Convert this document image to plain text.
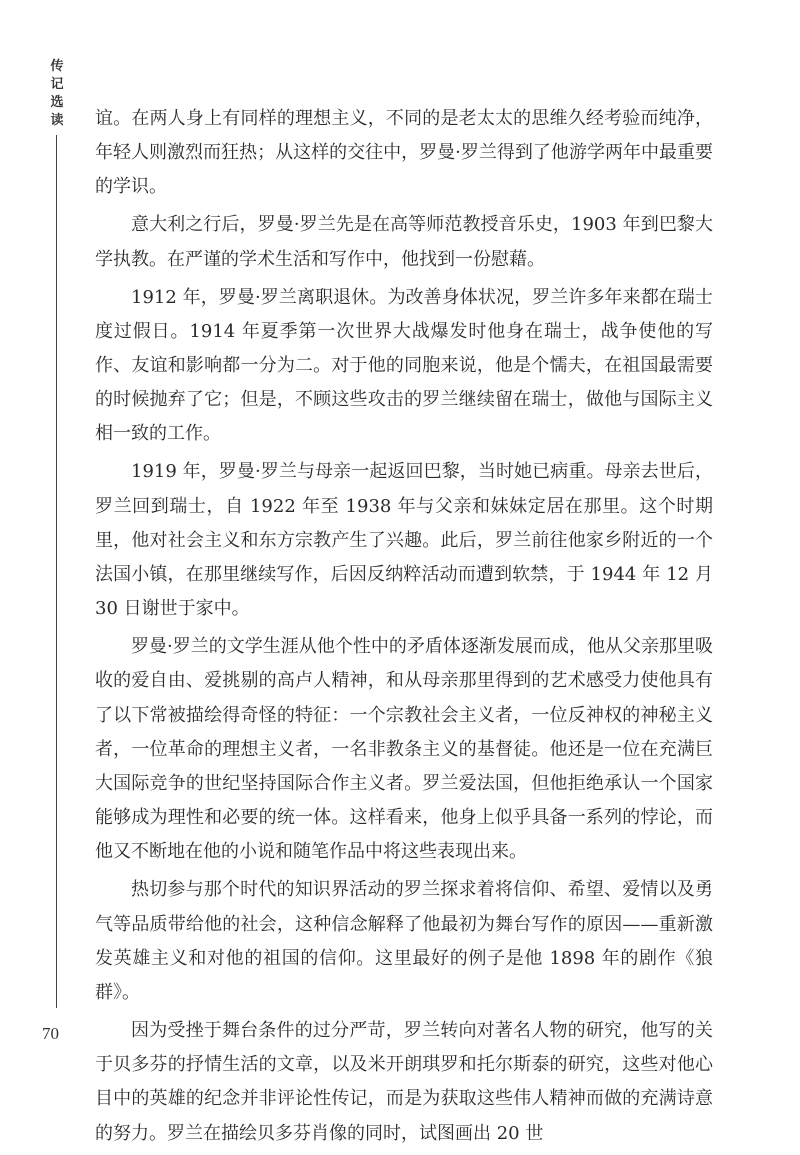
传
记
选
读 谊。在两人身上有同样的理想主义，不同的是老太太的思维久经考验而纯净，年轻人则激烈而狂热；从这样的交往中，罗曼·罗兰得到了他游学两年中最重要的学识。

意大利之行后，罗曼·罗兰先是在高等师范教授音乐史，1903 年到巴黎大学执教。在严谨的学术生活和写作中，他找到一份慰藉。

1912 年，罗曼·罗兰离职退休。为改善身体状况，罗兰许多年来都在瑞士度过假日。1914 年夏季第一次世界大战爆发时他身在瑞士，战争使他的写作、友谊和影响都一分为二。对于他的同胞来说，他是个懦夫，在祖国最需要的时候抛弃了它；但是，不顾这些攻击的罗兰继续留在瑞士，做他与国际主义相一致的工作。

1919 年，罗曼·罗兰与母亲一起返回巴黎，当时她已病重。母亲去世后，罗兰回到瑞士，自 1922 年至 1938 年与父亲和妹妹定居在那里。这个时期里，他对社会主义和东方宗教产生了兴趣。此后，罗兰前往他家乡附近的一个法国小镇，在那里继续写作，后因反纳粹活动而遭到软禁，于 1944 年 12 月 30 日谢世于家中。

罗曼·罗兰的文学生涯从他个性中的矛盾体逐渐发展而成，他从父亲那里吸收的爱自由、爱挑剔的高卢人精神，和从母亲那里得到的艺术感受力使他具有了以下常被描绘得奇怪的特征：一个宗教社会主义者，一位反神权的神秘主义者，一位革命的理想主义者，一名非教条主义的基督徒。他还是一位在充满巨大国际竞争的世纪坚持国际合作主义者。罗兰爱法国，但他拒绝承认一个国家能够成为理性和必要的统一体。这样看来，他身上似乎具备一系列的悖论，而他又不断地在他的小说和随笔作品中将这些表现出来。

热切参与那个时代的知识界活动的罗兰探求着将信仰、希望、爱情以及勇气等品质带给他的社会，这种信念解释了他最初为舞台写作的原因——重新激发英雄主义和对他的祖国的信仰。这里最好的例子是他 1898 年的剧作《狼群》。

因为受挫于舞台条件的过分严苛，罗兰转向对著名人物的研究，他写的关于贝多芬的抒情生活的文章，以及米开朗琪罗和托尔斯泰的研究，这些对他心目中的英雄的纪念并非评论性传记，而是为获取这些伟人精神而做的充满诗意的努力。罗兰在描绘贝多芬肖像的同时，试图画出 20 世

70
